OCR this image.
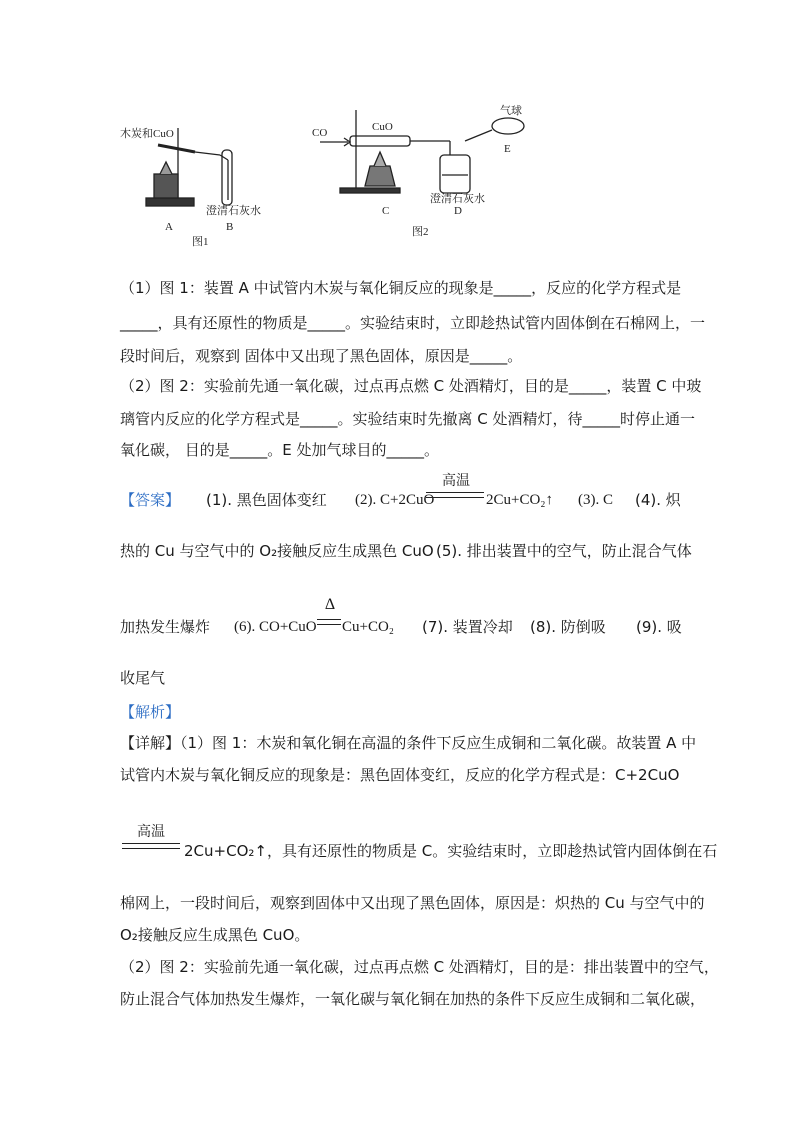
木炭和CuO
澄清石灰水
A	B
图1
CO	CuO
气球
澄清石灰水
C	D
E
图2
（1）图 1：装置 A 中试管内木炭与氧化铜反应的现象是_____，反应的化学方程式是
_____，具有还原性的物质是_____。实验结束时，立即趁热试管内固体倒在石棉网上，一
段时间后，观察到 固体中又出现了黑色固体，原因是_____。
（2）图 2：实验前先通一氧化碳，过点再点燃 C 处酒精灯，目的是_____，装置 C 中玻
璃管内反应的化学方程式是_____。实验结束时先撤离 C 处酒精灯，待_____时停止通一
氧化碳， 目的是_____。E 处加气球目的_____。
【答案】 (1). 黑色固体变红 (2). C+2CuO
高温
2Cu+CO₂↑ (3). C (4). 炽
热的 Cu 与空气中的 O₂接触反应生成黑色 CuO (5). 排出装置中的空气，防止混合气体
加热发生爆炸 (6). CO+CuO
Δ
Cu+CO₂ (7). 装置冷却 (8). 防倒吸 (9). 吸
收尾气
【解析】
【详解】（1）图 1：木炭和氧化铜在高温的条件下反应生成铜和二氧化碳。故装置 A 中
试管内木炭与氧化铜反应的现象是：黑色固体变红，反应的化学方程式是：C+2CuO
高温
2Cu+CO₂↑，具有还原性的物质是 C。实验结束时，立即趁热试管内固体倒在石
棉网上，一段时间后，观察到固体中又出现了黑色固体，原因是：炽热的 Cu 与空气中的
O₂接触反应生成黑色 CuO。
（2）图 2：实验前先通一氧化碳，过点再点燃 C 处酒精灯，目的是：排出装置中的空气，
防止混合气体加热发生爆炸，一氧化碳与氧化铜在加热的条件下反应生成铜和二氧化碳，
